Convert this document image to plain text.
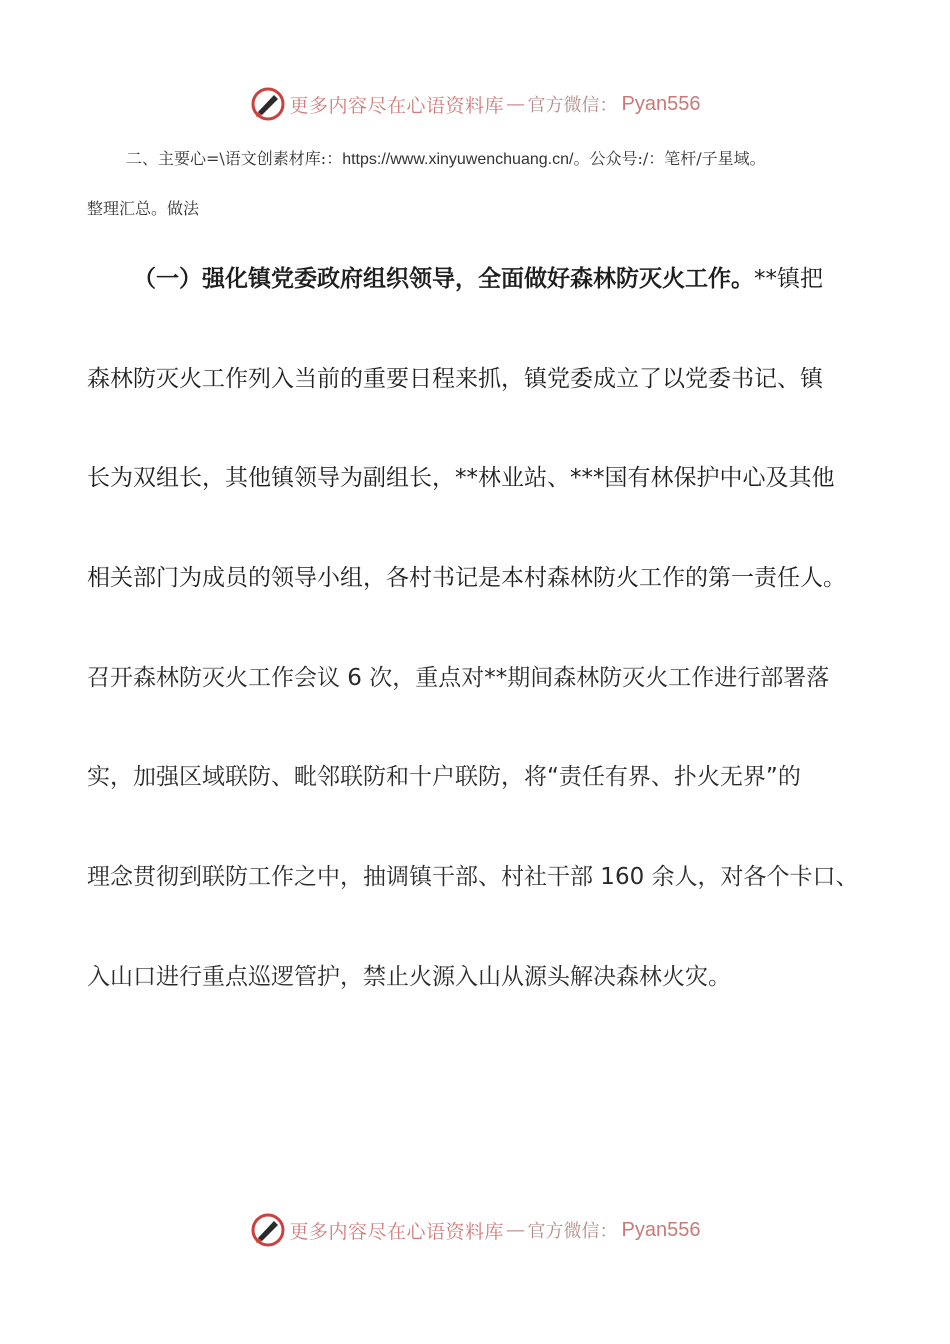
更多内容尽在心语资料库 — 官方微信： Pyan556
二、主要心=\语文创素材库:：https://www.xinyuwenchuang.cn/。公众号:/：笔杆/子星域。
整理汇总。做法
（一）强化镇党委政府组织领导，全面做好森林防灭火工作。**镇把
森林防灭火工作列入当前的重要日程来抓，镇党委成立了以党委书记、镇
长为双组长，其他镇领导为副组长，**林业站、***国有林保护中心及其他
相关部门为成员的领导小组，各村书记是本村森林防火工作的第一责任人。
召开森林防灭火工作会议 6 次，重点对**期间森林防灭火工作进行部署落
实，加强区域联防、毗邻联防和十户联防，将“责任有界、扑火无界”的
理念贯彻到联防工作之中，抽调镇干部、村社干部 160 余人，对各个卡口、
入山口进行重点巡逻管护，禁止火源入山从源头解决森林火灾。
更多内容尽在心语资料库 — 官方微信： Pyan556
